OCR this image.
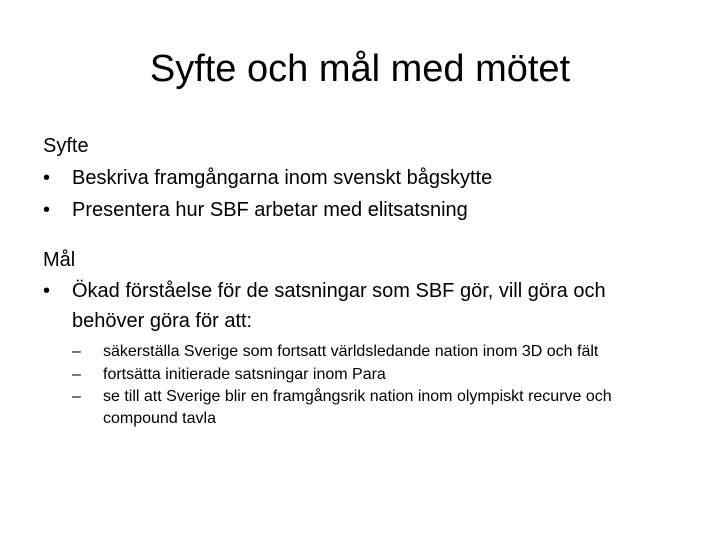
Syfte och mål med mötet
Syfte
• Beskriva framgångarna inom svenskt bågskytte
• Presentera hur SBF arbetar med elitsatsning
Mål
• Ökad förståelse för de satsningar som SBF gör, vill göra och behöver göra för att:
– säkerställa Sverige som fortsatt världsledande nation inom 3D och fält
– fortsätta initierade satsningar inom Para
– se till att Sverige blir en framgångsrik nation inom olympiskt recurve och compound tavla
